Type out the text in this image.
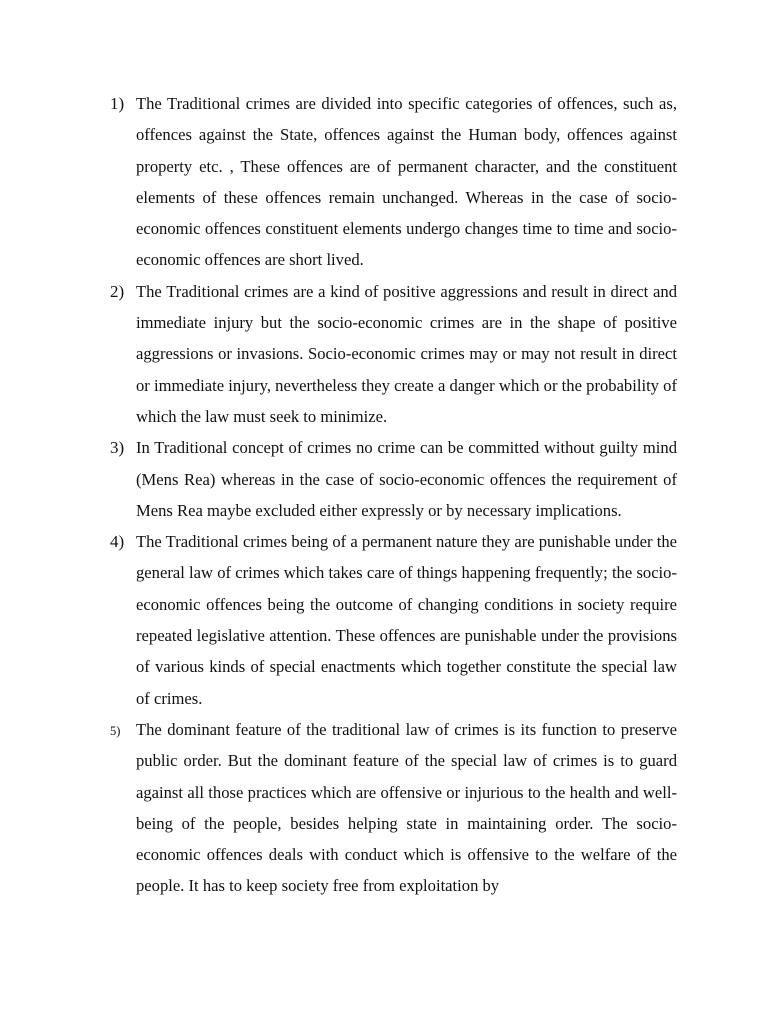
1) The Traditional crimes are divided into specific categories of offences, such as, offences against the State, offences against the Human body, offences against property etc. , These offences are of permanent character, and the constituent elements of these offences remain unchanged. Whereas in the case of socio-economic offences constituent elements undergo changes time to time and socio-economic offences are short lived.

2) The Traditional crimes are a kind of positive aggressions and result in direct and immediate injury but the socio-economic crimes are in the shape of positive aggressions or invasions. Socio-economic crimes may or may not result in direct or immediate injury, nevertheless they create a danger which or the probability of which the law must seek to minimize.

3) In Traditional concept of crimes no crime can be committed without guilty mind (Mens Rea) whereas in the case of socio-economic offences the requirement of Mens Rea maybe excluded either expressly or by necessary implications.

4) The Traditional crimes being of a permanent nature they are punishable under the general law of crimes which takes care of things happening frequently; the socio-economic offences being the outcome of changing conditions in society require repeated legislative attention. These offences are punishable under the provisions of various kinds of special enactments which together constitute the special law of crimes.

5) The dominant feature of the traditional law of crimes is its function to preserve public order. But the dominant feature of the special law of crimes is to guard against all those practices which are offensive or injurious to the health and well-being of the people, besides helping state in maintaining order. The socio-economic offences deals with conduct which is offensive to the welfare of the people. It has to keep society free from exploitation by
